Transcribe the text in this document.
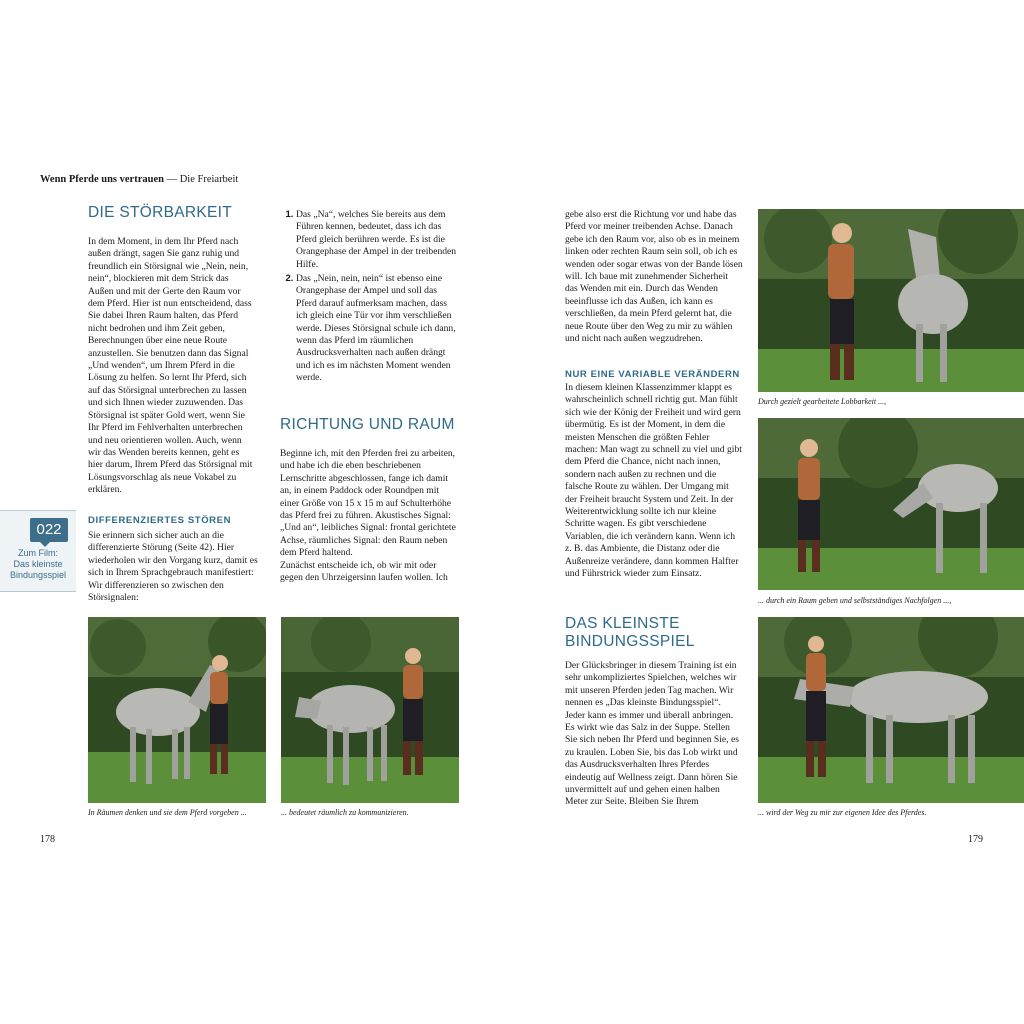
Wenn Pferde uns vertrauen — Die Freiarbeit
DIE STÖRBARKEIT

In dem Moment, in dem Ihr Pferd nach außen drängt, sagen Sie ganz ruhig und freundlich ein Störsignal wie „Nein, nein, nein“, blockieren mit dem Strick das Außen und mit der Gerte den Raum vor dem Pferd. Hier ist nun entscheidend, dass Sie dabei Ihren Raum halten, das Pferd nicht bedrohen und ihm Zeit geben, Berechnungen über eine neue Route anzustellen. Sie benutzen dann das Signal „Und wenden“, um Ihrem Pferd in die Lösung zu helfen. So lernt Ihr Pferd, sich auf das Störsignal unterbrechen zu lassen und sich Ihnen wieder zuzuwenden. Das Störsignal ist später Gold wert, wenn Sie Ihr Pferd im Fehlverhalten unterbrechen und neu orientieren wollen. Auch, wenn wir das Wenden bereits kennen, geht es hier darum, Ihrem Pferd das Störsignal mit Lösungsvorschlag als neue Vokabel zu erklären.

DIFFERENZIERTES STÖREN

Sie erinnern sich sicher auch an die differenzierte Störung (Seite 42). Hier wiederholen wir den Vorgang kurz, damit es sich in Ihrem Sprachgebrauch manifestiert: Wir differenzieren so zwischen den Störsignalen:

022
Zum Film:
Das kleinste
Bindungsspiel
1. Das „Na“, welches Sie bereits aus dem Führen kennen, bedeutet, dass ich das Pferd gleich berühren werde. Es ist die Orangephase der Ampel in der treibenden Hilfe.
2. Das „Nein, nein, nein“ ist ebenso eine Orangephase der Ampel und soll das Pferd darauf aufmerksam machen, dass ich gleich eine Tür vor ihm verschließen werde. Dieses Störsignal schule ich dann, wenn das Pferd im räumlichen Ausdrucksverhalten nach außen drängt und ich es im nächsten Moment wenden werde.
RICHTUNG UND RAUM

Beginne ich, mit den Pferden frei zu arbeiten, und habe ich die eben beschriebenen Lernschritte abgeschlossen, fange ich damit an, in einem Paddock oder Roundpen mit einer Größe von 15 x 15 m auf Schulterhöhe das Pferd frei zu führen. Akustisches Signal: „Und an“, leibliches Signal: frontal gerichtete Achse, räumliches Signal: den Raum neben dem Pferd haltend.

Zunächst entscheide ich, ob wir mit oder gegen den Uhrzeigersinn laufen wollen. Ich

In Räumen denken und sie dem Pferd vorgeben ...	... bedeutet räumlich zu kommunizieren.
178

gebe also erst die Richtung vor und habe das Pferd vor meiner treibenden Achse. Danach gebe ich den Raum vor, also ob es in meinem linken oder rechten Raum sein soll, ob ich es wenden oder sogar etwas von der Bande lösen will. Ich baue mit zunehmender Sicherheit das Wenden mit ein. Durch das Wenden beeinflusse ich das Außen, ich kann es verschließen, da mein Pferd gelernt hat, die neue Route über den Weg zu mir zu wählen und nicht nach außen wegzudrehen.

NUR EINE VARIABLE VERÄNDERN

In diesem kleinen Klassenzimmer klappt es wahrscheinlich schnell richtig gut. Man fühlt sich wie der König der Freiheit und wird gern übermütig. Es ist der Moment, in dem die meisten Menschen die größten Fehler machen: Man wagt zu schnell zu viel und gibt dem Pferd die Chance, nicht nach innen, sondern nach außen zu rechnen und die falsche Route zu wählen. Der Umgang mit der Freiheit braucht System und Zeit. In der Weiterentwicklung sollte ich nur kleine Schritte wagen. Es gibt verschiedene Variablen, die ich verändern kann. Wenn ich z. B. das Ambiente, die Distanz oder die Außenreize verändere, dann kommen Halfter und Führstrick wieder zum Einsatz.

DAS KLEINSTE
BINDUNGSSPIEL

Der Glücksbringer in diesem Training ist ein sehr unkompliziertes Spielchen, welches wir mit unseren Pferden jeden Tag machen. Wir nennen es „Das kleinste Bindungsspiel“. Jeder kann es immer und überall anbringen. Es wirkt wie das Salz in der Suppe. Stellen Sie sich neben Ihr Pferd und beginnen Sie, es zu kraulen. Loben Sie, bis das Lob wirkt und das Ausdrucksverhalten Ihres Pferdes eindeutig auf Wellness zeigt. Dann hören Sie unvermittelt auf und gehen einen halben Meter zur Seite. Bleiben Sie Ihrem

Durch gezielt gearbeitete Lobbarkeit ...,
... durch ein Raum geben und selbstständiges Nachfolgen ...,
... wird der Weg zu mir zur eigenen Idee des Pferdes.
179
